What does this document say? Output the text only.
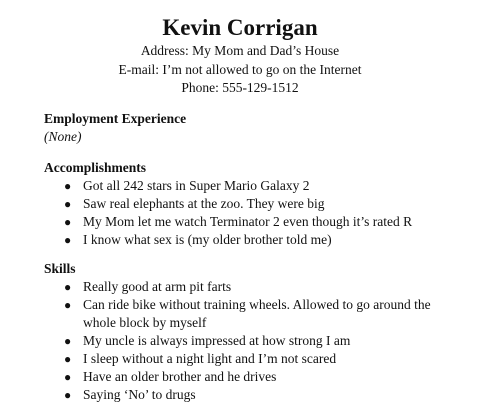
Kevin Corrigan
Address: My Mom and Dad’s House
E-mail: I’m not allowed to go on the Internet
Phone: 555-129-1512
Employment Experience
(None)
Accomplishments
● Got all 242 stars in Super Mario Galaxy 2
● Saw real elephants at the zoo. They were big
● My Mom let me watch Terminator 2 even though it’s rated R
● I know what sex is (my older brother told me)
Skills
● Really good at arm pit farts
● Can ride bike without training wheels. Allowed to go around the whole block by myself
● My uncle is always impressed at how strong I am
● I sleep without a night light and I’m not scared
● Have an older brother and he drives
● Saying ‘No’ to drugs
